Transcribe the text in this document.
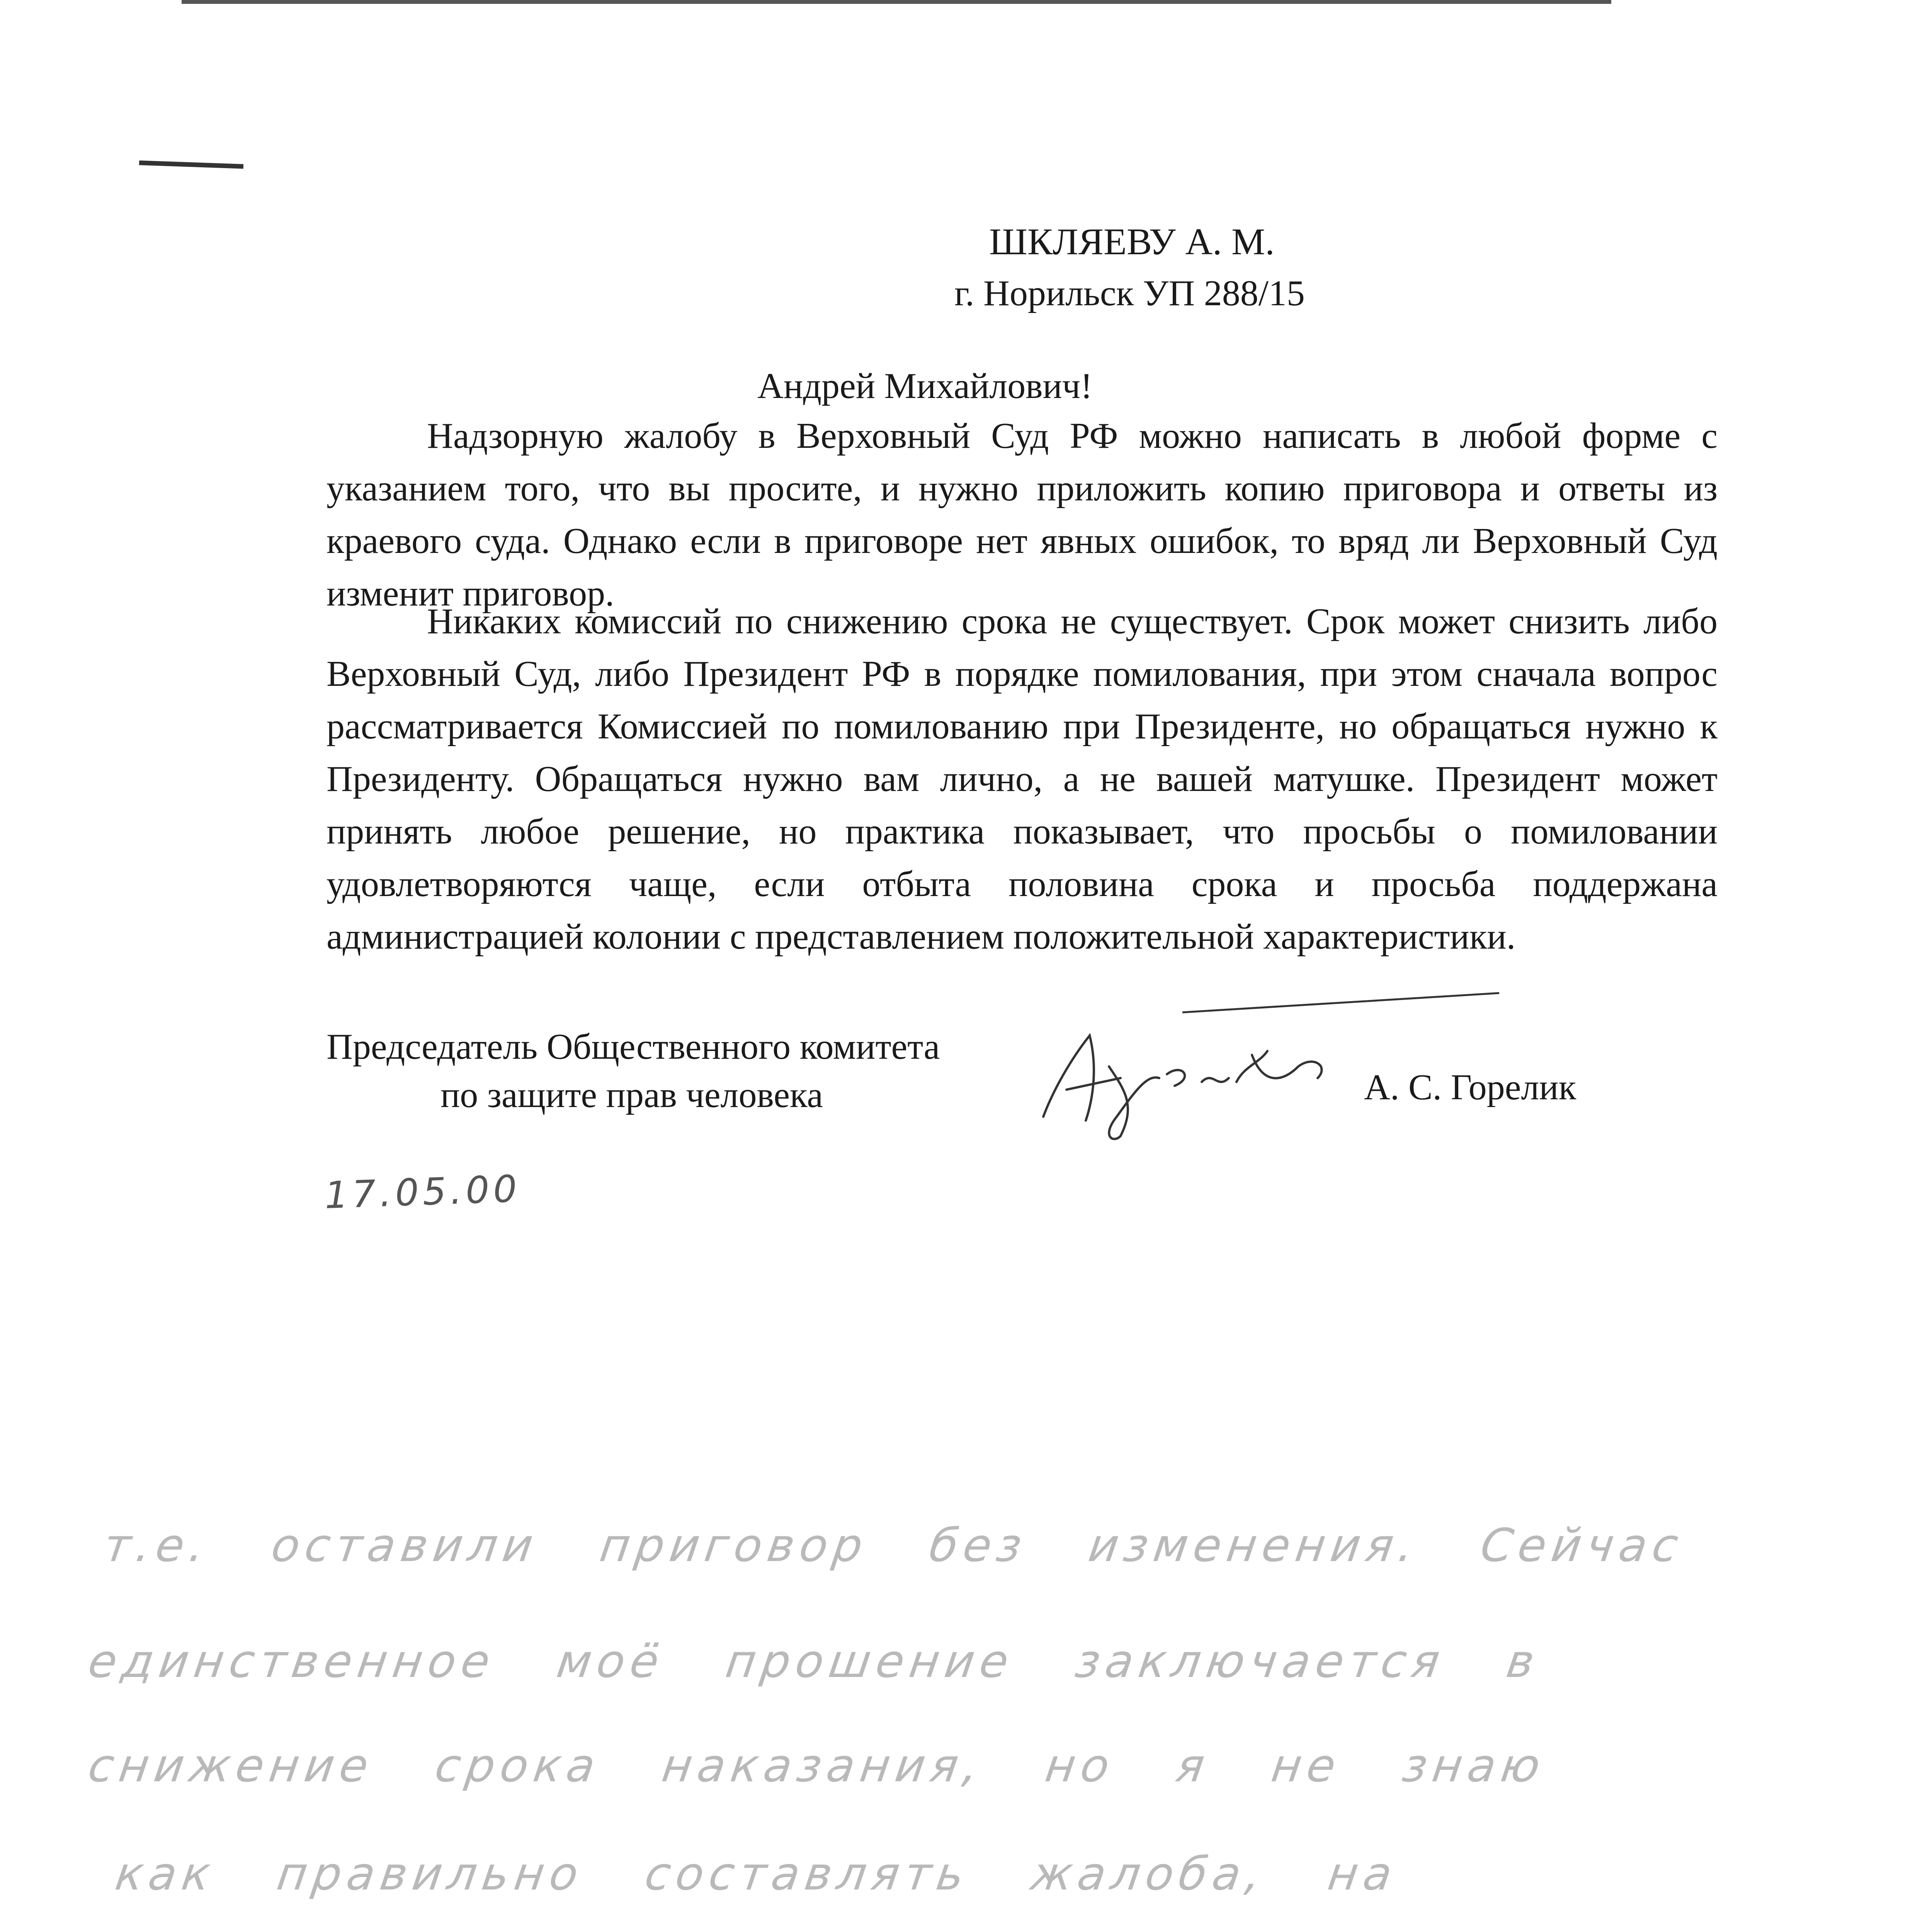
ШКЛЯЕВУ А. М.
г. Норильск УП 288/15
Андрей Михайлович!
Надзорную жалобу в Верховный Суд РФ можно написать в любой форме с указанием того, что вы просите, и нужно приложить копию приговора и ответы из краевого суда. Однако если в приговоре нет явных ошибок, то вряд ли Верховный Суд изменит приговор.
Никаких комиссий по снижению срока не существует. Срок может снизить либо Верховный Суд, либо Президент РФ в порядке помилования, при этом сначала вопрос рассматривается Комиссией по помилованию при Президенте, но обращаться нужно к Президенту. Обращаться нужно вам лично, а не вашей матушке. Президент может принять любое решение, но практика показывает, что просьбы о помиловании удовлетворяются чаще, если отбыта половина срока и просьба поддержана администрацией колонии с представлением положительной характеристики.
Председатель Общественного комитета
по защите прав человека	А. С. Горелик
17.05.00
т.е. оставили приговор без изменения. Сейчас
единственное моё прошение заключается в
снижение срока наказания, но я не знаю
как правильно составлять жалоба, на
